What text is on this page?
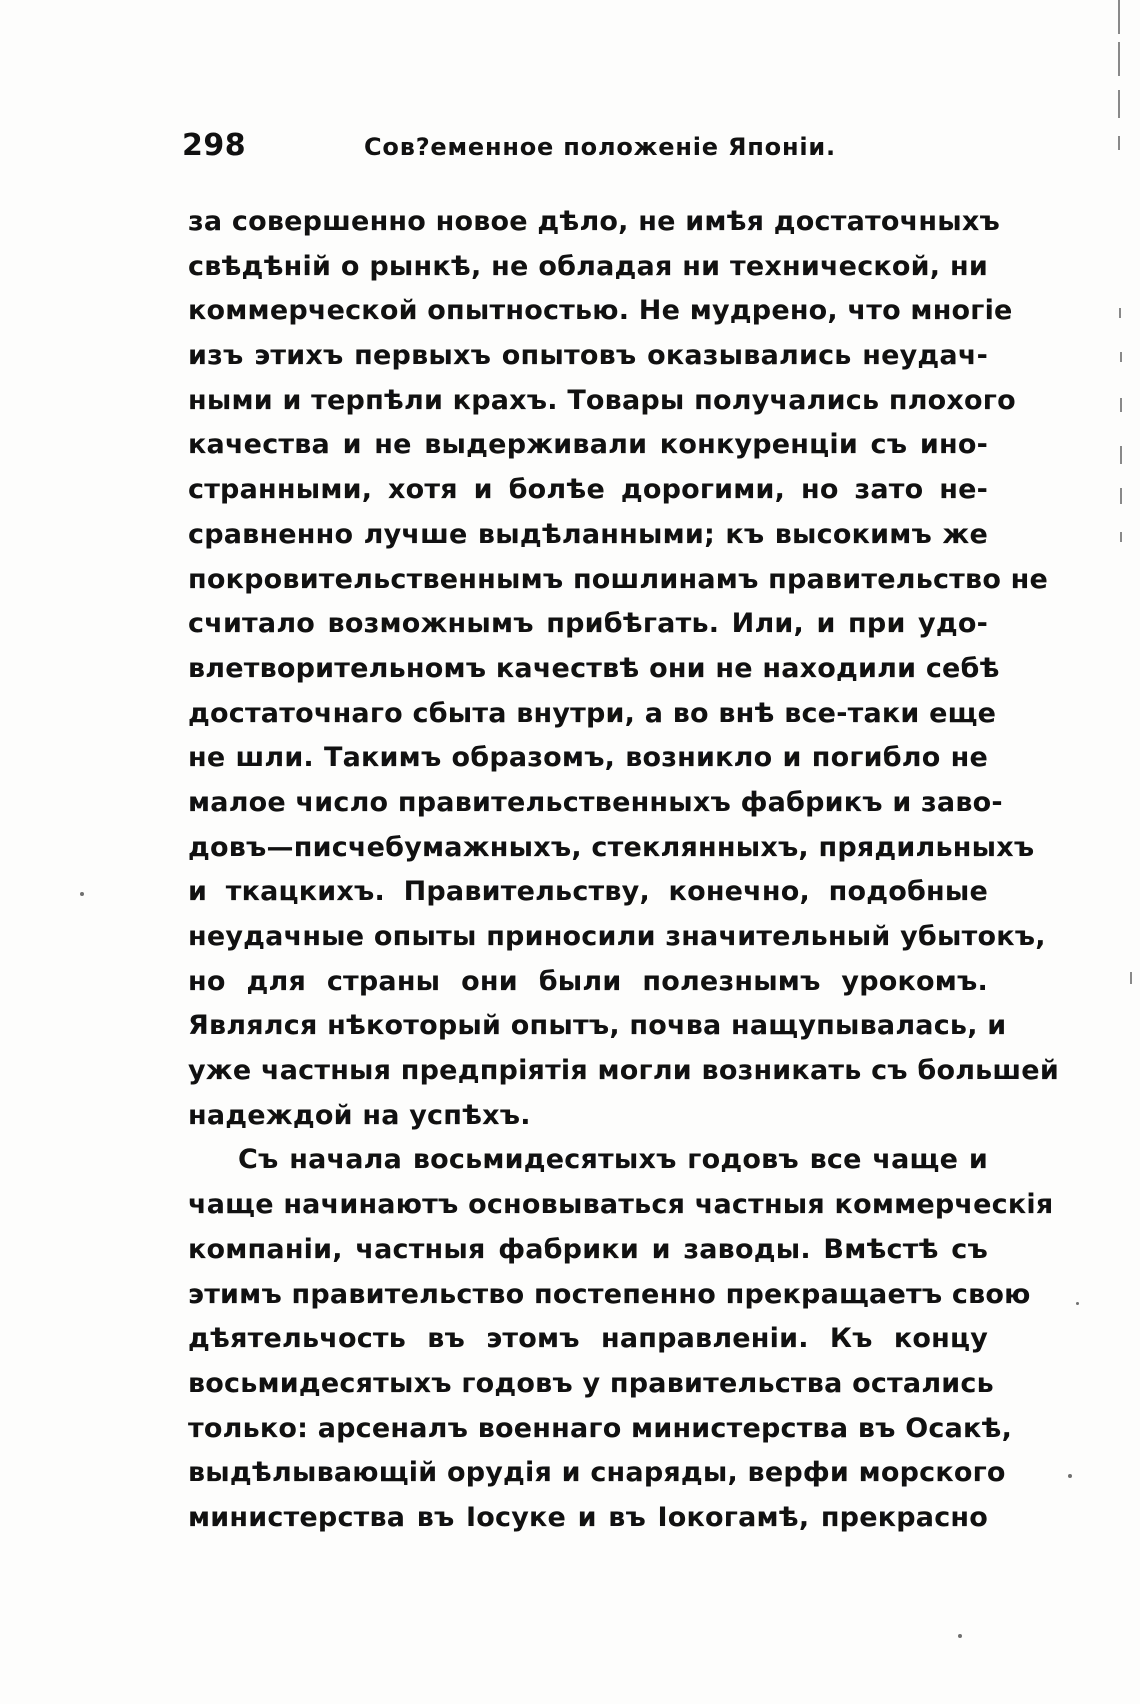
298	Сов?еменное положенiе Японiи.
за совершенно новое дѣло, не имѣя достаточныхъ
свѣдѣнiй о рынкѣ, не обладая ни технической, ни
коммерческой опытностью. Не мудрено, что многiе
изъ этихъ первыхъ опытовъ оказывались неудач-
ными и терпѣли крахъ. Товары получались плохого
качества и не выдерживали конкуренцiи съ ино-
странными, хотя и болѣе дорогими, но зато не-
сравненно лучше выдѣланными; къ высокимъ же
покровительственнымъ пошлинамъ правительство не
считало возможнымъ прибѣгать. Или, и при удо-
влетворительномъ качествѣ они не находили себѣ
достаточнаго сбыта внутри, а во внѣ все-таки еще
не шли. Такимъ образомъ, возникло и погибло не
малое число правительственныхъ фабрикъ и заво-
довъ—писчебумажныхъ, стеклянныхъ, прядильныхъ
и ткацкихъ. Правительству, конечно, подобные
неудачные опыты приносили значительный убытокъ,
но для страны они были полезнымъ урокомъ.
Являлся нѣкоторый опытъ, почва нащупывалась, и
уже частныя предпрiятiя могли возникать съ большей
надеждой на успѣхъ.
Съ начала восьмидесятыхъ годовъ все чаще и
чаще начинаютъ основываться частныя коммерческiя
компанiи, частныя фабрики и заводы. Вмѣстѣ съ
этимъ правительство постепенно прекращаетъ свою
дѣятельчость въ этомъ направленiи. Къ концу
восьмидесятыхъ годовъ у правительства остались
только: арсеналъ военнаго министерства въ Осакѣ,
выдѣлывающiй орудiя и снаряды, верфи морского
министерства въ Iосуке и въ Iокогамѣ, прекрасно
